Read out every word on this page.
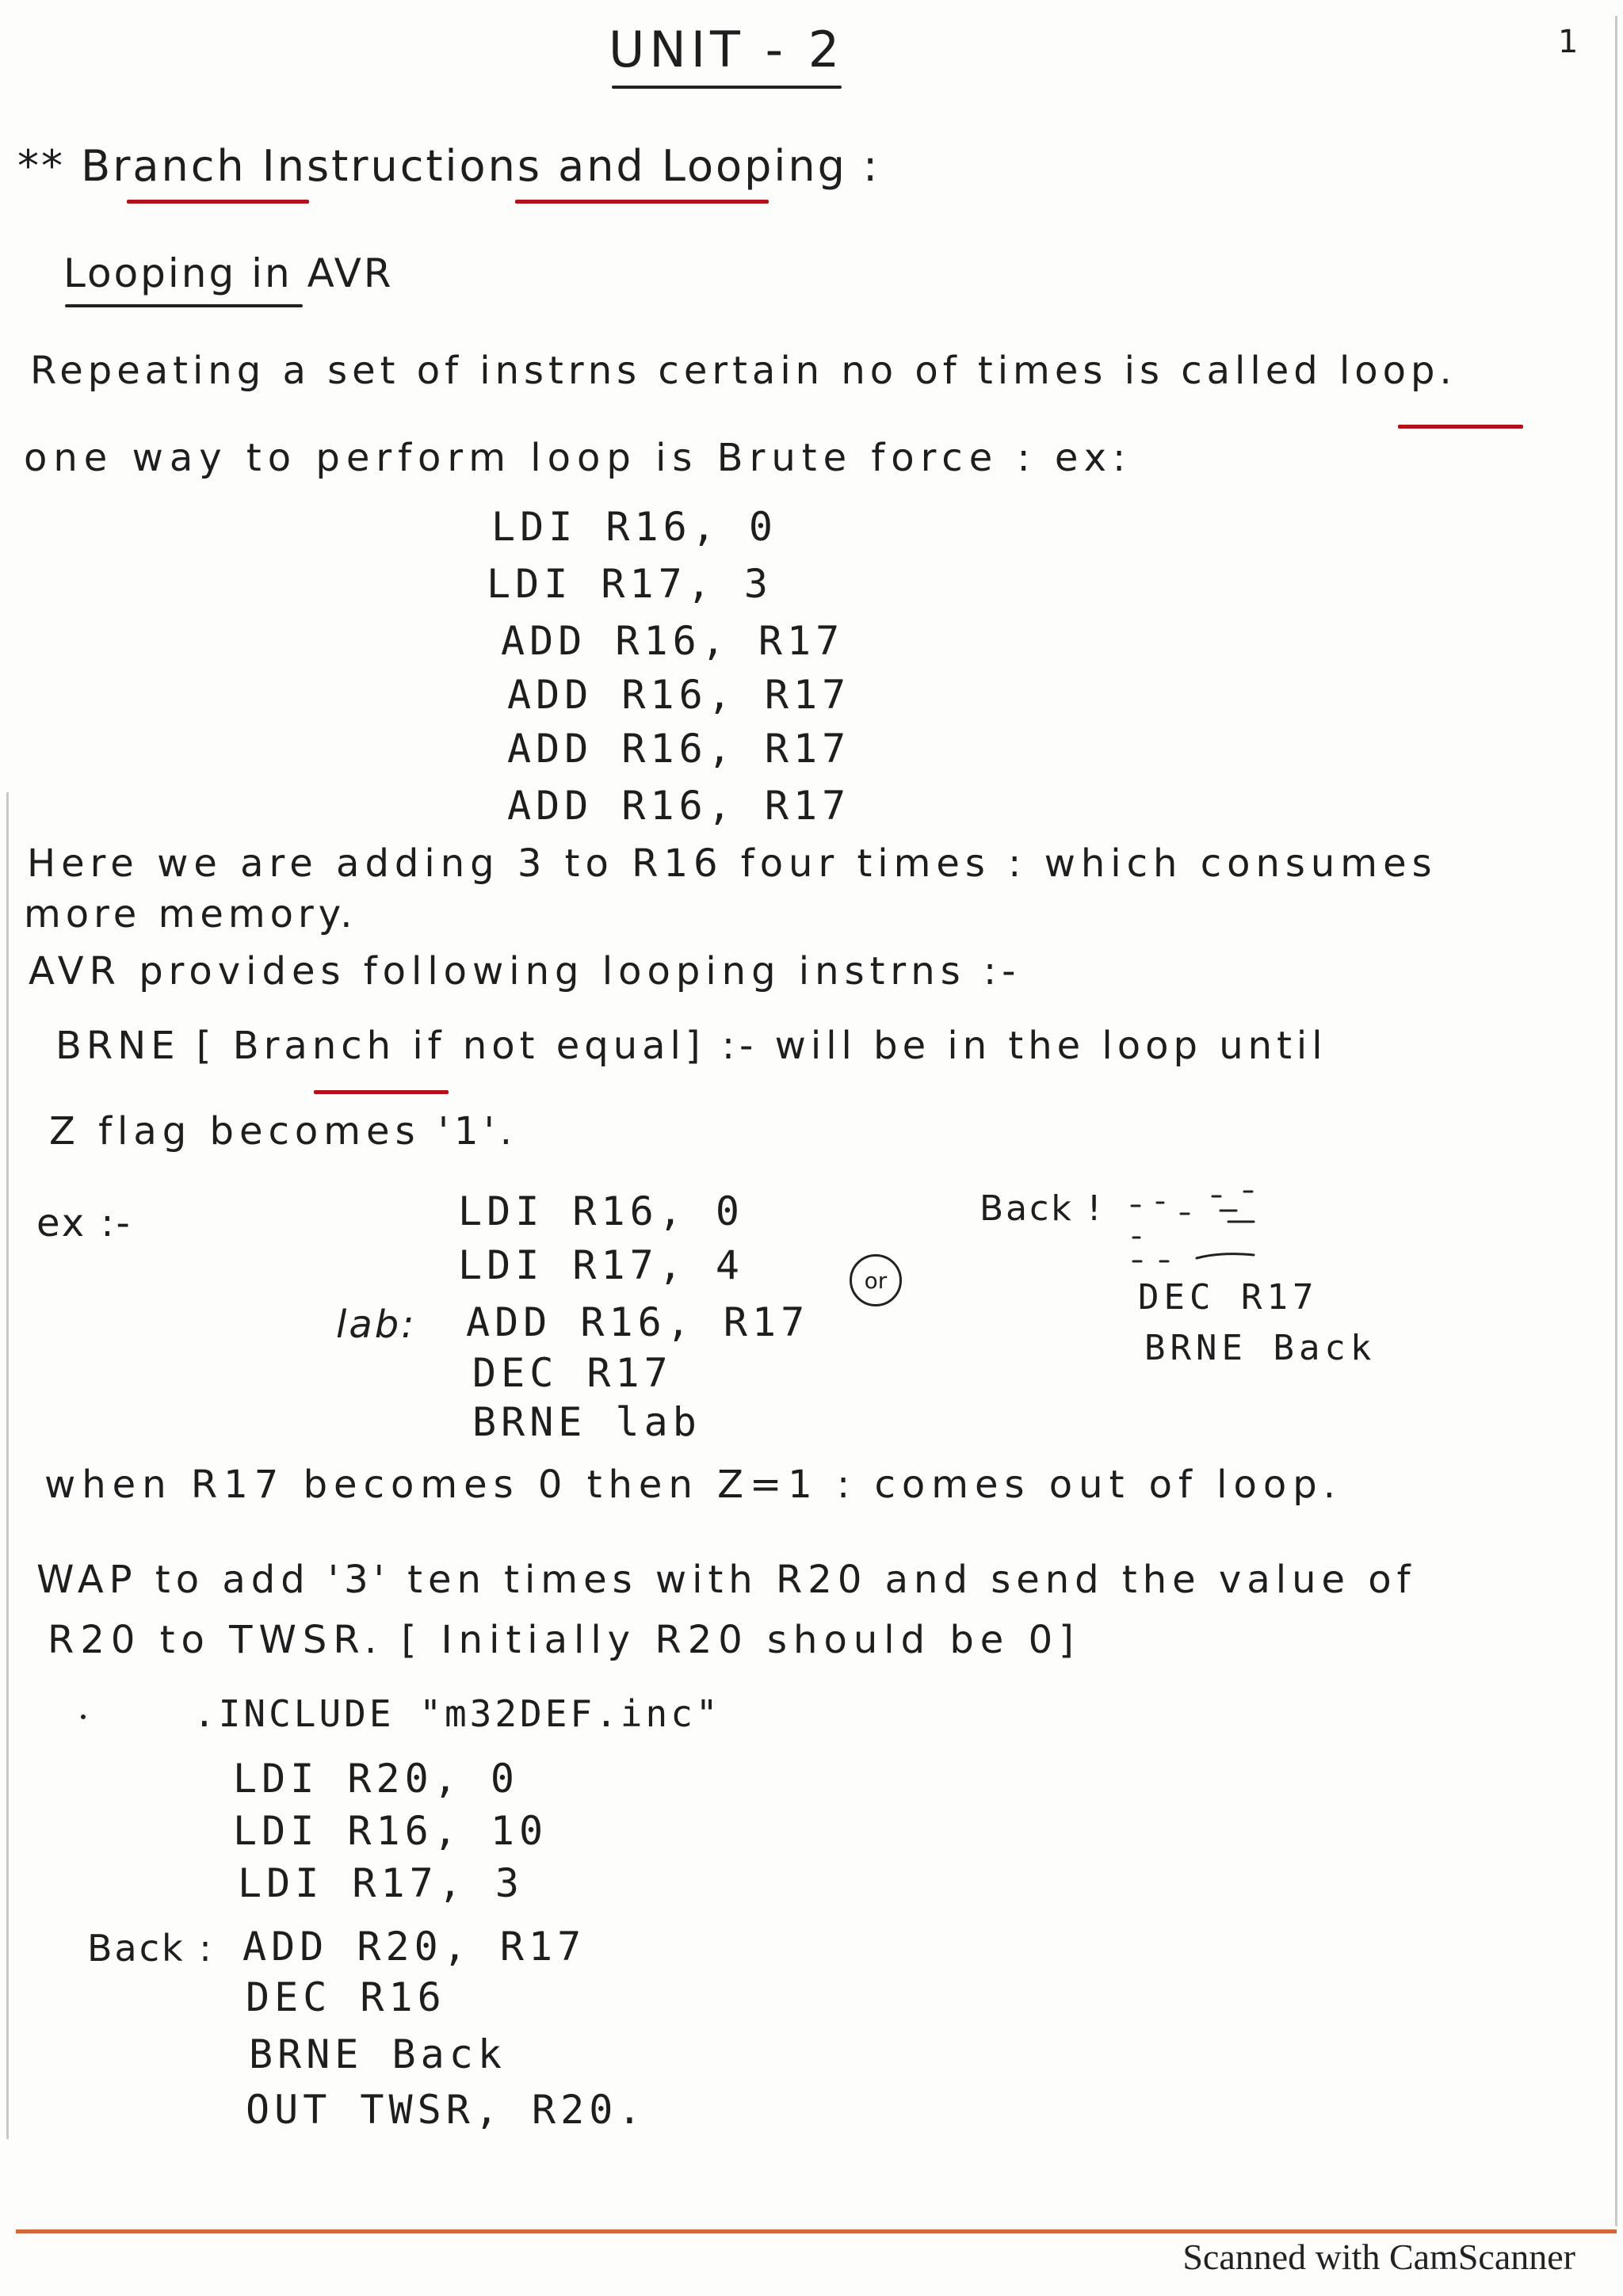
1
UNIT - 2
** Branch Instructions and Looping :
Looping in AVR
Repeating a set of instrns certain no of times is called loop.
one way to perform loop is Brute force : ex:
LDI R16, 0
LDI R17, 3
ADD R16, R17
ADD R16, R17
ADD R16, R17
ADD R16, R17
Here we are adding 3 to R16 four times : which consumes
more memory.
AVR provides following looping instrns :-
BRNE [ Branch if not equal] :- will be in the loop until
Z flag becomes '1'.
ex :-	LDI R16, 0
LDI R17, 4
lab: ADD R16, R17
DEC R17
BRNE lab
or
Back !
DEC R17
BRNE Back
when R17 becomes 0 then Z=1 : comes out of loop.
WAP to add '3' ten times with R20 and send the value of
R20 to TWSR. [ Initially R20 should be 0]
.INCLUDE "m32DEF.inc"
LDI R20, 0
LDI R16, 10
LDI R17, 3
Back : ADD R20, R17
DEC R16
BRNE Back
OUT TWSR, R20.
Scanned with CamScanner
